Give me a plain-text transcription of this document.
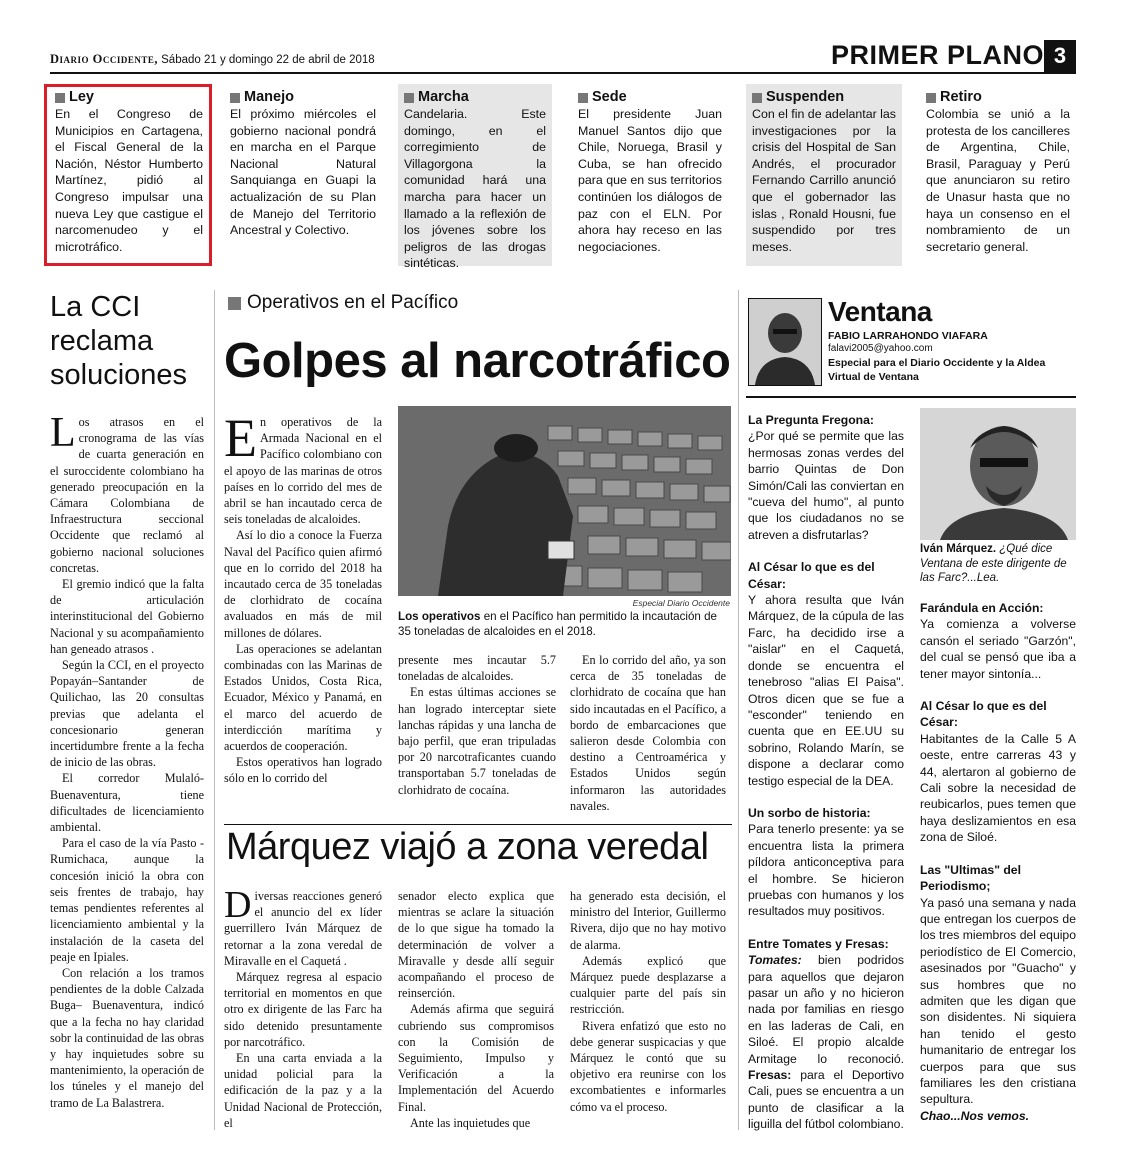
Diario Occidente, Sábado 21 y domingo 22 de abril de 2018	PRIMER PLANO 3
Ley
En el Congreso de Municipios en Cartagena, el Fiscal General de la Nación, Néstor Humberto Martínez, pidió al Congreso impulsar una nueva Ley que castigue el narcomenudeo y el microtráfico.
Manejo
El próximo miércoles el gobierno nacional pondrá en marcha en el Parque Nacional Natural Sanquianga en Guapi la actualización de su Plan de Manejo del Territorio Ancestral y Colectivo.
Marcha
Candelaria. Este domingo, en el corregimiento de Villagorgona la comunidad hará una marcha para hacer un llamado a la reflexión de los jóvenes sobre los peligros de las drogas sintéticas.
Sede
El presidente Juan Manuel Santos dijo que Chile, Noruega, Brasil y Cuba, se han ofrecido para que en sus territorios continúen los diálogos de paz con el ELN. Por ahora hay receso en las negociaciones.
Suspenden
Con el fin de adelantar las investigaciones por la crisis del Hospital de San Andrés, el procurador Fernando Carrillo anunció que el gobernador las islas , Ronald Housni, fue suspendido por tres meses.
Retiro
Colombia se unió a la protesta de los cancilleres de Argentina, Chile, Brasil, Paraguay y Perú que anunciaron su retiro de Unasur hasta que no haya un consenso en el nombramiento de un secretario general.
La CCI reclama soluciones
L os atrasos en el cronograma de las vías de cuarta generación en el suroccidente colombiano ha generado preocupación en la Cámara Colombiana de Infraestructura seccional Occidente que reclamó al gobierno nacional soluciones concretas.

El gremio indicó que la falta de articulación interinstitucional del Gobierno Nacional y su acompañamiento han geneado atrasos .

Según la CCI, en el proyecto Popayán–Santander de Quilichao, las 20 consultas previas que adelanta el concesionario generan incertidumbre frente a la fecha de inicio de las obras.

El corredor Mulaló- Buenaventura, tiene dificultades de licenciamiento ambiental.

Para el caso de la vía Pasto - Rumichaca, aunque la concesión inició la obra con seis frentes de trabajo, hay temas pendientes referentes al licenciamiento ambiental y la instalación de la caseta del peaje en Ipiales.

Con relación a los tramos pendientes de la doble Calzada Buga– Buenaventura, indicó que a la fecha no hay claridad sobr la continuidad de las obras y hay inquietudes sobre su mantenimiento, la operación de los túneles y el manejo del tramo de La Balastrera.

Operativos en el Pacífico
Golpes al narcotráfico
E n operativos de la Armada Nacional en el Pacífico colombiano con el apoyo de las marinas de otros países en lo corrido del mes de abril se han incautado cerca de seis toneladas de alcaloides.

Así lo dio a conoce la Fuerza Naval del Pacífico quien afirmó que en lo corrido del 2018 ha incautado cerca de 35 toneladas de clorhidrato de cocaína avaluados en más de mil millones de dólares.

Las operaciones se adelantan combinadas con las Marinas de Estados Unidos, Costa Rica, Ecuador, México y Panamá, en el marco del acuerdo de interdicción marítima y acuerdos de cooperación.

Estos operativos han logrado sólo en lo corrido del

Especial Diario Occidente
Los operativos en el Pacífico han permitido la incautación de 35 toneladas de alcaloides en el 2018.

presente mes incautar 5.7 toneladas de alcaloides.

En estas últimas acciones se han logrado interceptar siete lanchas rápidas y una lancha de bajo perfil, que eran tripuladas por 20 narcotraficantes cuando transportaban 5.7 toneladas de clorhidrato de cocaína.

En lo corrido del año, ya son cerca de 35 toneladas de clorhidrato de cocaína que han sido incautadas en el Pacífico, a bordo de embarcaciones que salieron desde Colombia con destino a Centroamérica y Estados Unidos según informaron las autoridades navales.

Márquez viajó a zona veredal
D iversas reacciones generó el anuncio del ex líder guerrillero Iván Márquez de retornar a la zona veredal de Miravalle en el Caquetá .

Márquez regresa al espacio territorial en momentos en que otro ex dirigente de las Farc ha sido detenido presuntamente por narcotráfico.

En una carta enviada a la unidad policial para la edificación de la paz y a la Unidad Nacional de Protección, el

senador electo explica que mientras se aclare la situación de lo que sigue ha tomado la determinación de volver a Miravalle y desde allí seguir acompañando el proceso de reinserción.

Además afirma que seguirá cubriendo sus compromisos con la Comisión de Seguimiento, Impulso y Verificación a la Implementación del Acuerdo Final.

Ante las inquietudes que

ha generado esta decisión, el ministro del Interior, Guillermo Rivera, dijo que no hay motivo de alarma.

Además explicó que Márquez puede desplazarse a cualquier parte del país sin restricción.

Rivera enfatizó que esto no debe generar suspicacias y que Márquez le contó que su objetivo era reunirse con los excombatientes e informarles cómo va el proceso.

Ventana
FABIO LARRAHONDO VIAFARA
falavi2005@yahoo.com
Especial para el Diario Occidente y la Aldea Virtual de Ventana

La Pregunta Fregona:

¿Por qué se permite que las hermosas zonas verdes del barrio Quintas de Don Simón/Cali las conviertan en "cueva del humo", al punto que los ciudadanos no se atreven a disfrutarlas?

Al César lo que es del César:

Y ahora resulta que Iván Márquez, de la cúpula de las Farc, ha decidido irse a "aislar" en el Caquetá, donde se encuentra el tenebroso "alias El Paisa". Otros dicen que se fue a "esconder" teniendo en cuenta que en EE.UU su sobrino, Rolando Marín, se dispone a declarar como testigo especial de la DEA.

Un sorbo de historia:

Para tenerlo presente: ya se encuentra lista la primera píldora anticonceptiva para el hombre. Se hicieron pruebas con humanos y los resultados muy positivos.

Entre Tomates y Fresas:

Tomates: bien podridos para aquellos que dejaron pasar un año y no hicieron nada por familias en riesgo en las laderas de Cali, en Siloé. El propio alcalde Armitage lo reconoció. Fresas: para el Deportivo Cali, pues se encuentra a un punto de clasificar a la liguilla del fútbol colombiano.

Iván Márquez. ¿Qué dice Ventana de este dirigente de las Farc?...Lea.

Farándula en Acción:

Ya comienza a volverse cansón el seriado "Garzón", del cual se pensó que iba a tener mayor sintonía...

Al César lo que es del César:

Habitantes de la Calle 5 A oeste, entre carreras 43 y 44, alertaron al gobierno de Cali sobre la necesidad de reubicarlos, pues temen que haya deslizamientos en esa zona de Siloé.

Las "Ultimas" del Periodismo;

Ya pasó una semana y nada que entregan los cuerpos de los tres miembros del equipo periodístico de El Comercio, asesinados por "Guacho" y sus hombres que no admiten que les digan que son disidentes. Ni siquiera han tenido el gesto humanitario de entregar los cuerpos para que sus familiares les den cristiana sepultura.

Chao...Nos vemos.
